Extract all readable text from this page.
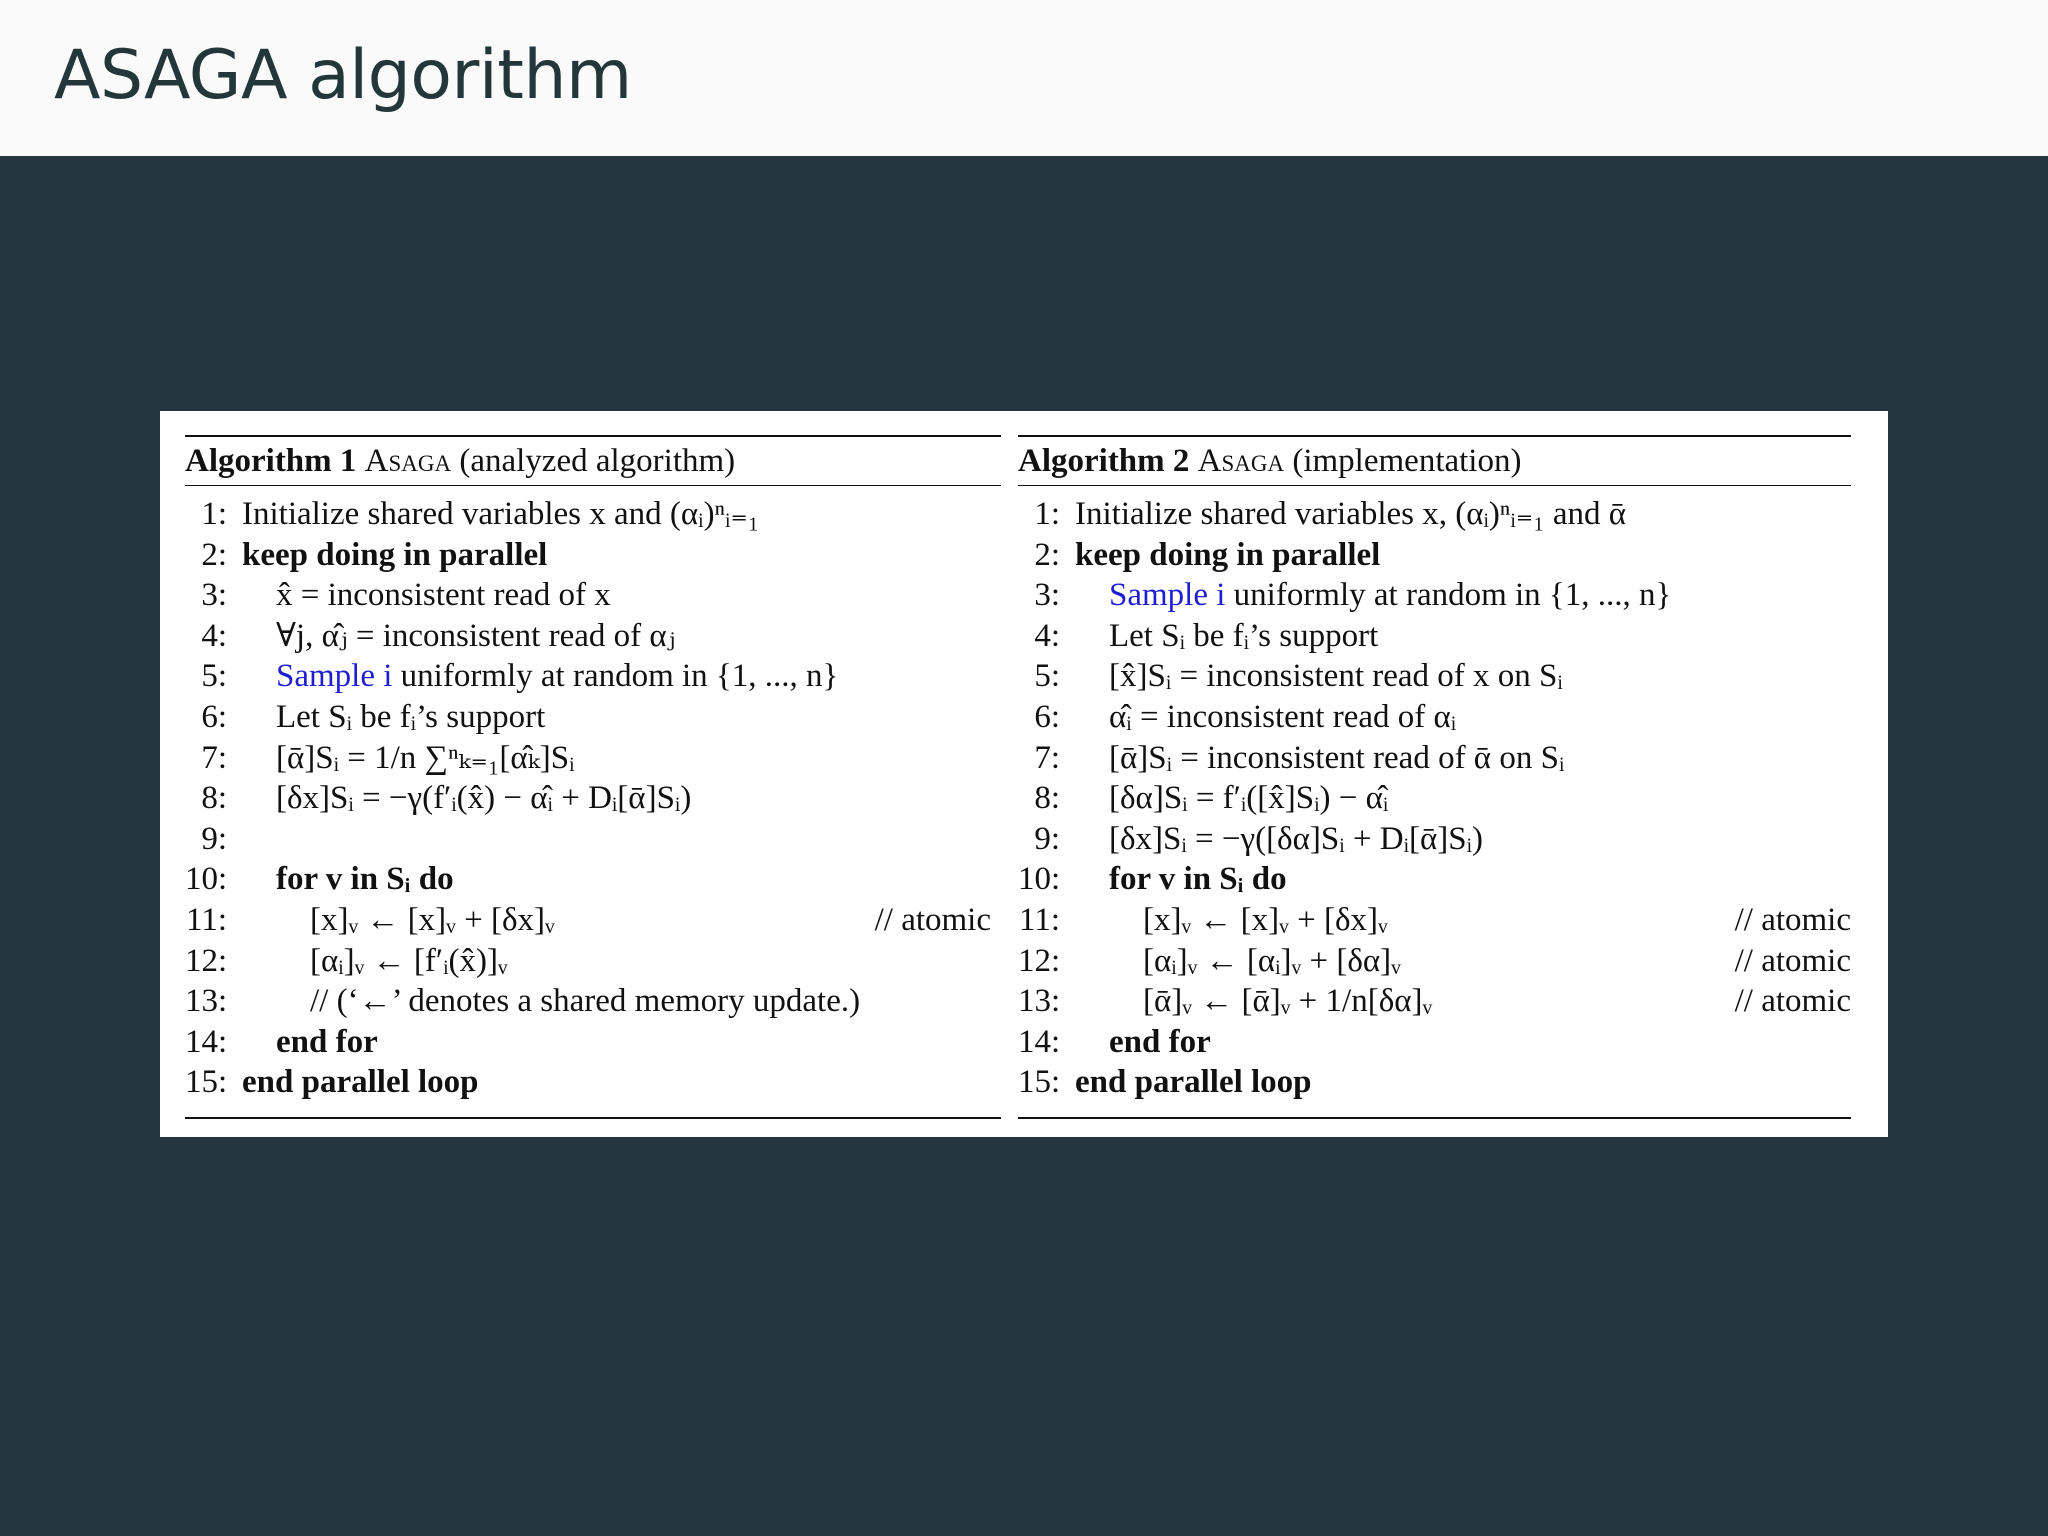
ASAGA algorithm
Algorithm 1 Asaga (analyzed algorithm)
1: Initialize shared variables x and (αᵢ)ⁿᵢ₌₁
2: keep doing in parallel
3: x̂ = inconsistent read of x
4: ∀j, α̂ⱼ = inconsistent read of αⱼ
5: Sample i uniformly at random in {1, ..., n}
6: Let Sᵢ be fᵢ’s support
7: [ᾱ]Sᵢ = 1/n ∑ⁿₖ₌₁[α̂ₖ]Sᵢ
8: [δx]Sᵢ = −γ(f′ᵢ(x̂) − α̂ᵢ + Dᵢ[ᾱ]Sᵢ)
9:
10: for v in Sᵢ do
11:	[x]ᵥ ← [x]ᵥ + [δx]ᵥ	// atomic
12:	[αᵢ]ᵥ ← [f′ᵢ(x̂)]ᵥ
13:	// (‘←’ denotes a shared memory update.)
14: end for
15: end parallel loop
Algorithm 2 Asaga (implementation)
1: Initialize shared variables x, (αᵢ)ⁿᵢ₌₁ and ᾱ
2: keep doing in parallel
3: Sample i uniformly at random in {1, ..., n}
4: Let Sᵢ be fᵢ’s support
5: [x̂]Sᵢ = inconsistent read of x on Sᵢ
6: α̂ᵢ = inconsistent read of αᵢ
7: [ᾱ]Sᵢ = inconsistent read of ᾱ on Sᵢ
8: [δα]Sᵢ = f′ᵢ([x̂]Sᵢ) − α̂ᵢ
9: [δx]Sᵢ = −γ([δα]Sᵢ + Dᵢ[ᾱ]Sᵢ)
10: for v in Sᵢ do
11:	[x]ᵥ ← [x]ᵥ + [δx]ᵥ	// atomic
12:	[αᵢ]ᵥ ← [αᵢ]ᵥ + [δα]ᵥ	// atomic
13:	[ᾱ]ᵥ ← [ᾱ]ᵥ + 1/n[δα]ᵥ	// atomic
14: end for
15: end parallel loop
